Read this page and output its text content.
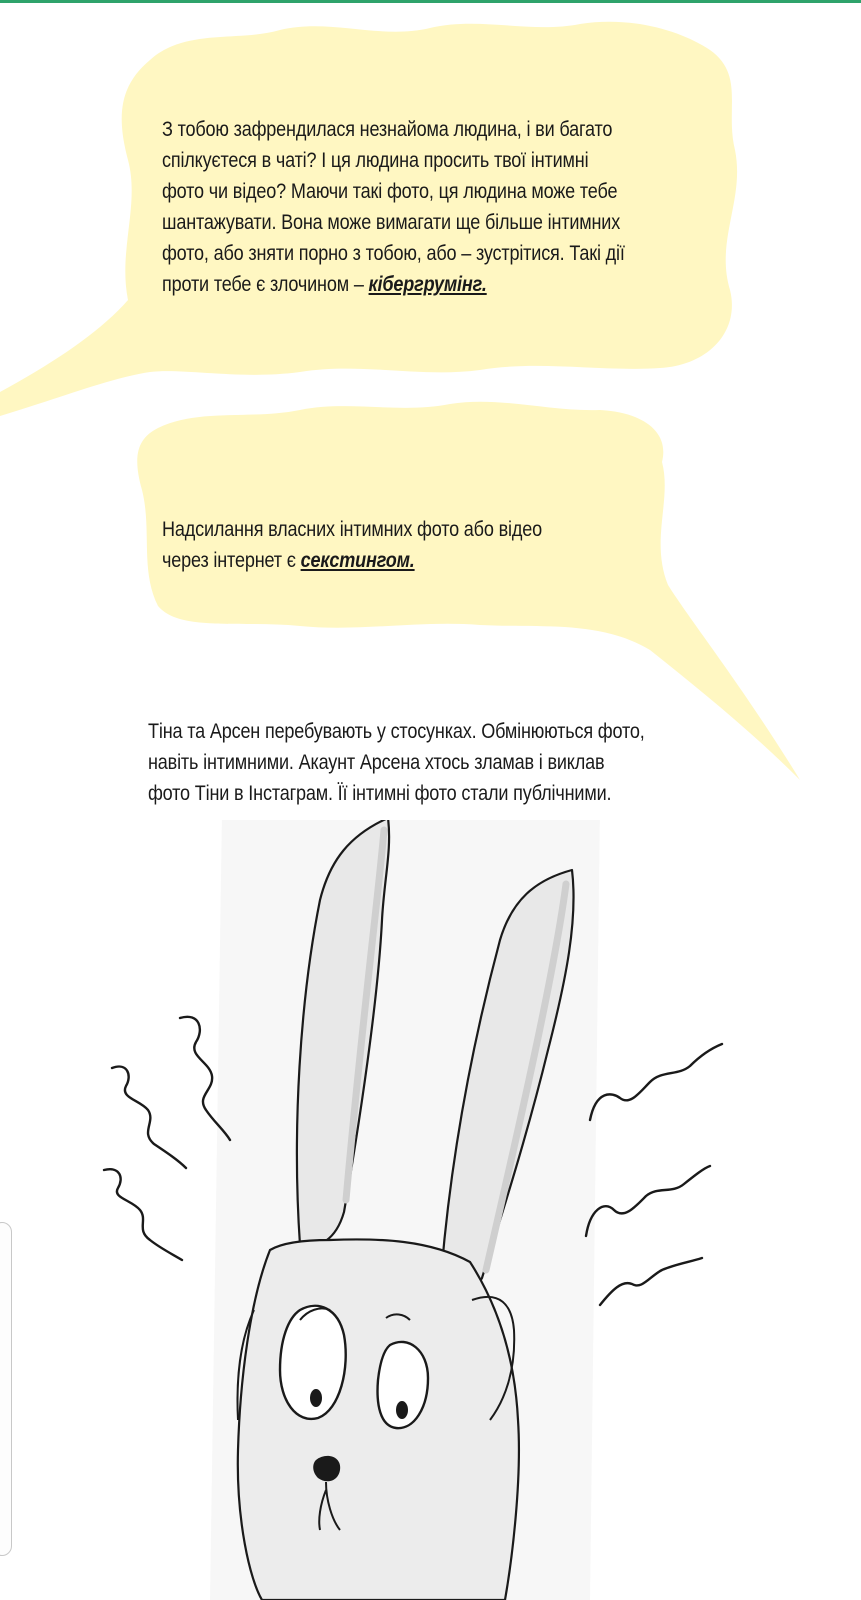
З тобою зафрендилася незнайома людина, і ви багато
спілкуєтеся в чаті? І ця людина просить твої інтимні
фото чи відео? Маючи такі фото, ця людина може тебе
шантажувати. Вона може вимагати ще більше інтимних
фото, або зняти порно з тобою, або – зустрітися. Такі дії
проти тебе є злочином – кібергрумінг.
Надсилання власних інтимних фото або відео
через інтернет є секстингом.
Тіна та Арсен перебувають у стосунках. Обмінюються фото,
навіть інтимними. Акаунт Арсена хтось зламав і виклав
фото Тіни в Інстаграм. Її інтимні фото стали публічними.
